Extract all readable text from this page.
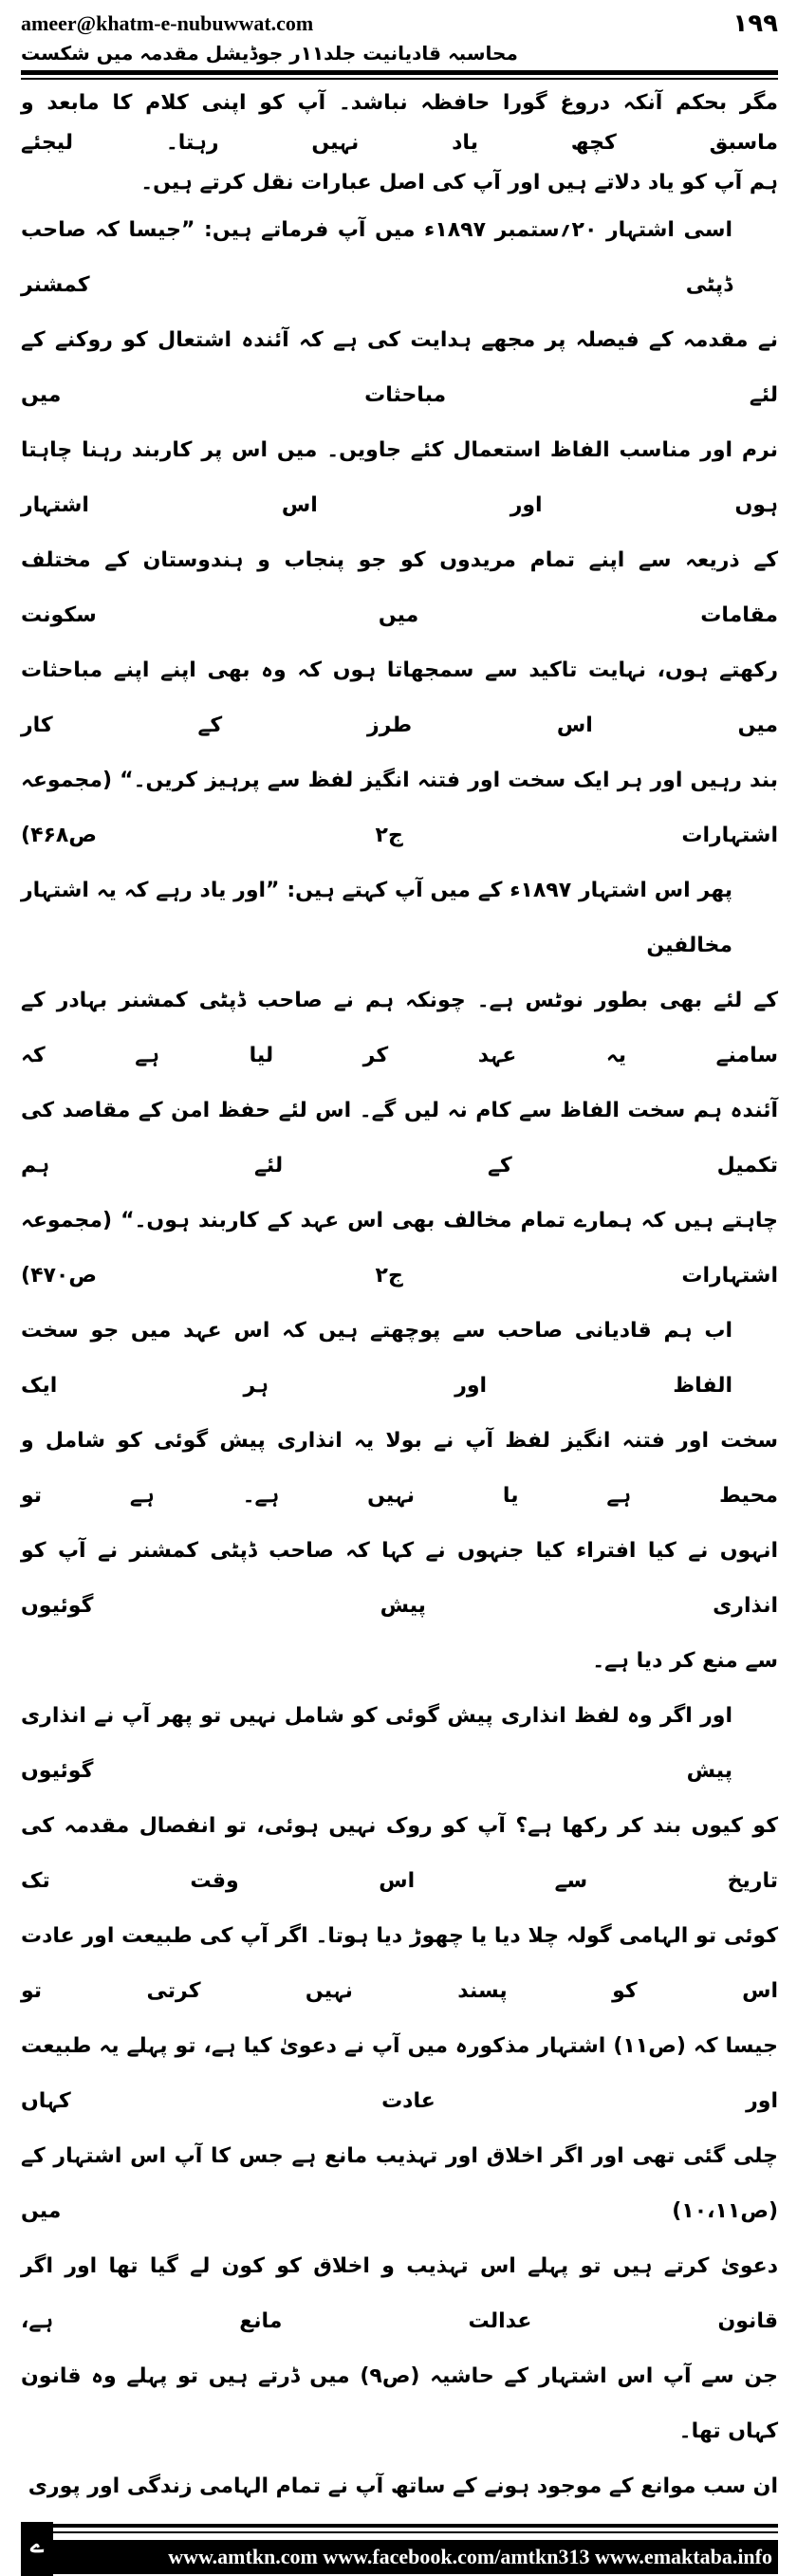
ameer@khatm-e-nubuwwat.com	١٩٩
محاسبہ قادیانیت جلد۱۱ر جوڈیشل مقدمہ میں شکست
مگر بحکم آنکہ دروغ گورا حافظہ نباشد۔ آپ کو اپنی کلام کا مابعد و ماسبق کچھ یاد نہیں رہتا۔ لیجئے
ہم آپ کو یاد دلاتے ہیں اور آپ کی اصل عبارات نقل کرتے ہیں۔
اسی اشتہار ۲۰؍ستمبر ۱۸۹۷ء میں آپ فرماتے ہیں: ”جیسا کہ صاحب ڈپٹی کمشنر
نے مقدمہ کے فیصلہ پر مجھے ہدایت کی ہے کہ آئندہ اشتعال کو روکنے کے لئے مباحثات میں
نرم اور مناسب الفاظ استعمال کئے جاویں۔ میں اس پر کاربند رہنا چاہتا ہوں اور اس اشتہار
کے ذریعہ سے اپنے تمام مریدوں کو جو پنجاب و ہندوستان کے مختلف مقامات میں سکونت
رکھتے ہوں، نہایت تاکید سے سمجھاتا ہوں کہ وہ بھی اپنے اپنے مباحثات میں اس طرز کے کار
بند رہیں اور ہر ایک سخت اور فتنہ انگیز لفظ سے پرہیز کریں۔“ (مجموعہ اشتہارات ج۲ ص۴۶۸)
پھر اس اشتہار ۱۸۹۷ء کے میں آپ کہتے ہیں: ”اور یاد رہے کہ یہ اشتہار مخالفین
کے لئے بھی بطور نوٹس ہے۔ چونکہ ہم نے صاحب ڈپٹی کمشنر بہادر کے سامنے یہ عہد کر لیا ہے کہ
آئندہ ہم سخت الفاظ سے کام نہ لیں گے۔ اس لئے حفظ امن کے مقاصد کی تکمیل کے لئے ہم
چاہتے ہیں کہ ہمارے تمام مخالف بھی اس عہد کے کاربند ہوں۔“ (مجموعہ اشتہارات ج۲ ص۴۷۰)
اب ہم قادیانی صاحب سے پوچھتے ہیں کہ اس عہد میں جو سخت الفاظ اور ہر ایک
سخت اور فتنہ انگیز لفظ آپ نے بولا یہ انذاری پیش گوئی کو شامل و محیط ہے یا نہیں ہے۔ ہے تو
انہوں نے کیا افتراء کیا جنہوں نے کہا کہ صاحب ڈپٹی کمشنر نے آپ کو انذاری پیش گوئیوں
سے منع کر دیا ہے۔
اور اگر وہ لفظ انذاری پیش گوئی کو شامل نہیں تو پھر آپ نے انذاری پیش گوئیوں
کو کیوں بند کر رکھا ہے؟ آپ کو روک نہیں ہوئی، تو انفصال مقدمہ کی تاریخ سے اس وقت تک
کوئی تو الہامی گولہ چلا دیا یا چھوڑ دیا ہوتا۔ اگر آپ کی طبیعت اور عادت اس کو پسند نہیں کرتی تو
جیسا کہ (ص۱۱) اشتہار مذکورہ میں آپ نے دعویٰ کیا ہے، تو پہلے یہ طبیعت اور عادت کہاں
چلی گئی تھی اور اگر اخلاق اور تہذیب مانع ہے جس کا آپ اس اشتہار کے (ص۱۰،۱۱) میں
دعویٰ کرتے ہیں تو پہلے اس تہذیب و اخلاق کو کون لے گیا تھا اور اگر قانون عدالت مانع ہے،
جن سے آپ اس اشتہار کے حاشیہ (ص۹) میں ڈرتے ہیں تو پہلے وہ قانون کہاں تھا۔
ان سب موانع کے موجود ہونے کے ساتھ آپ نے تمام الہامی زندگی اور پوری
ے	www.amtkn.com www.facebook.com/amtkn313 www.emaktaba.info
